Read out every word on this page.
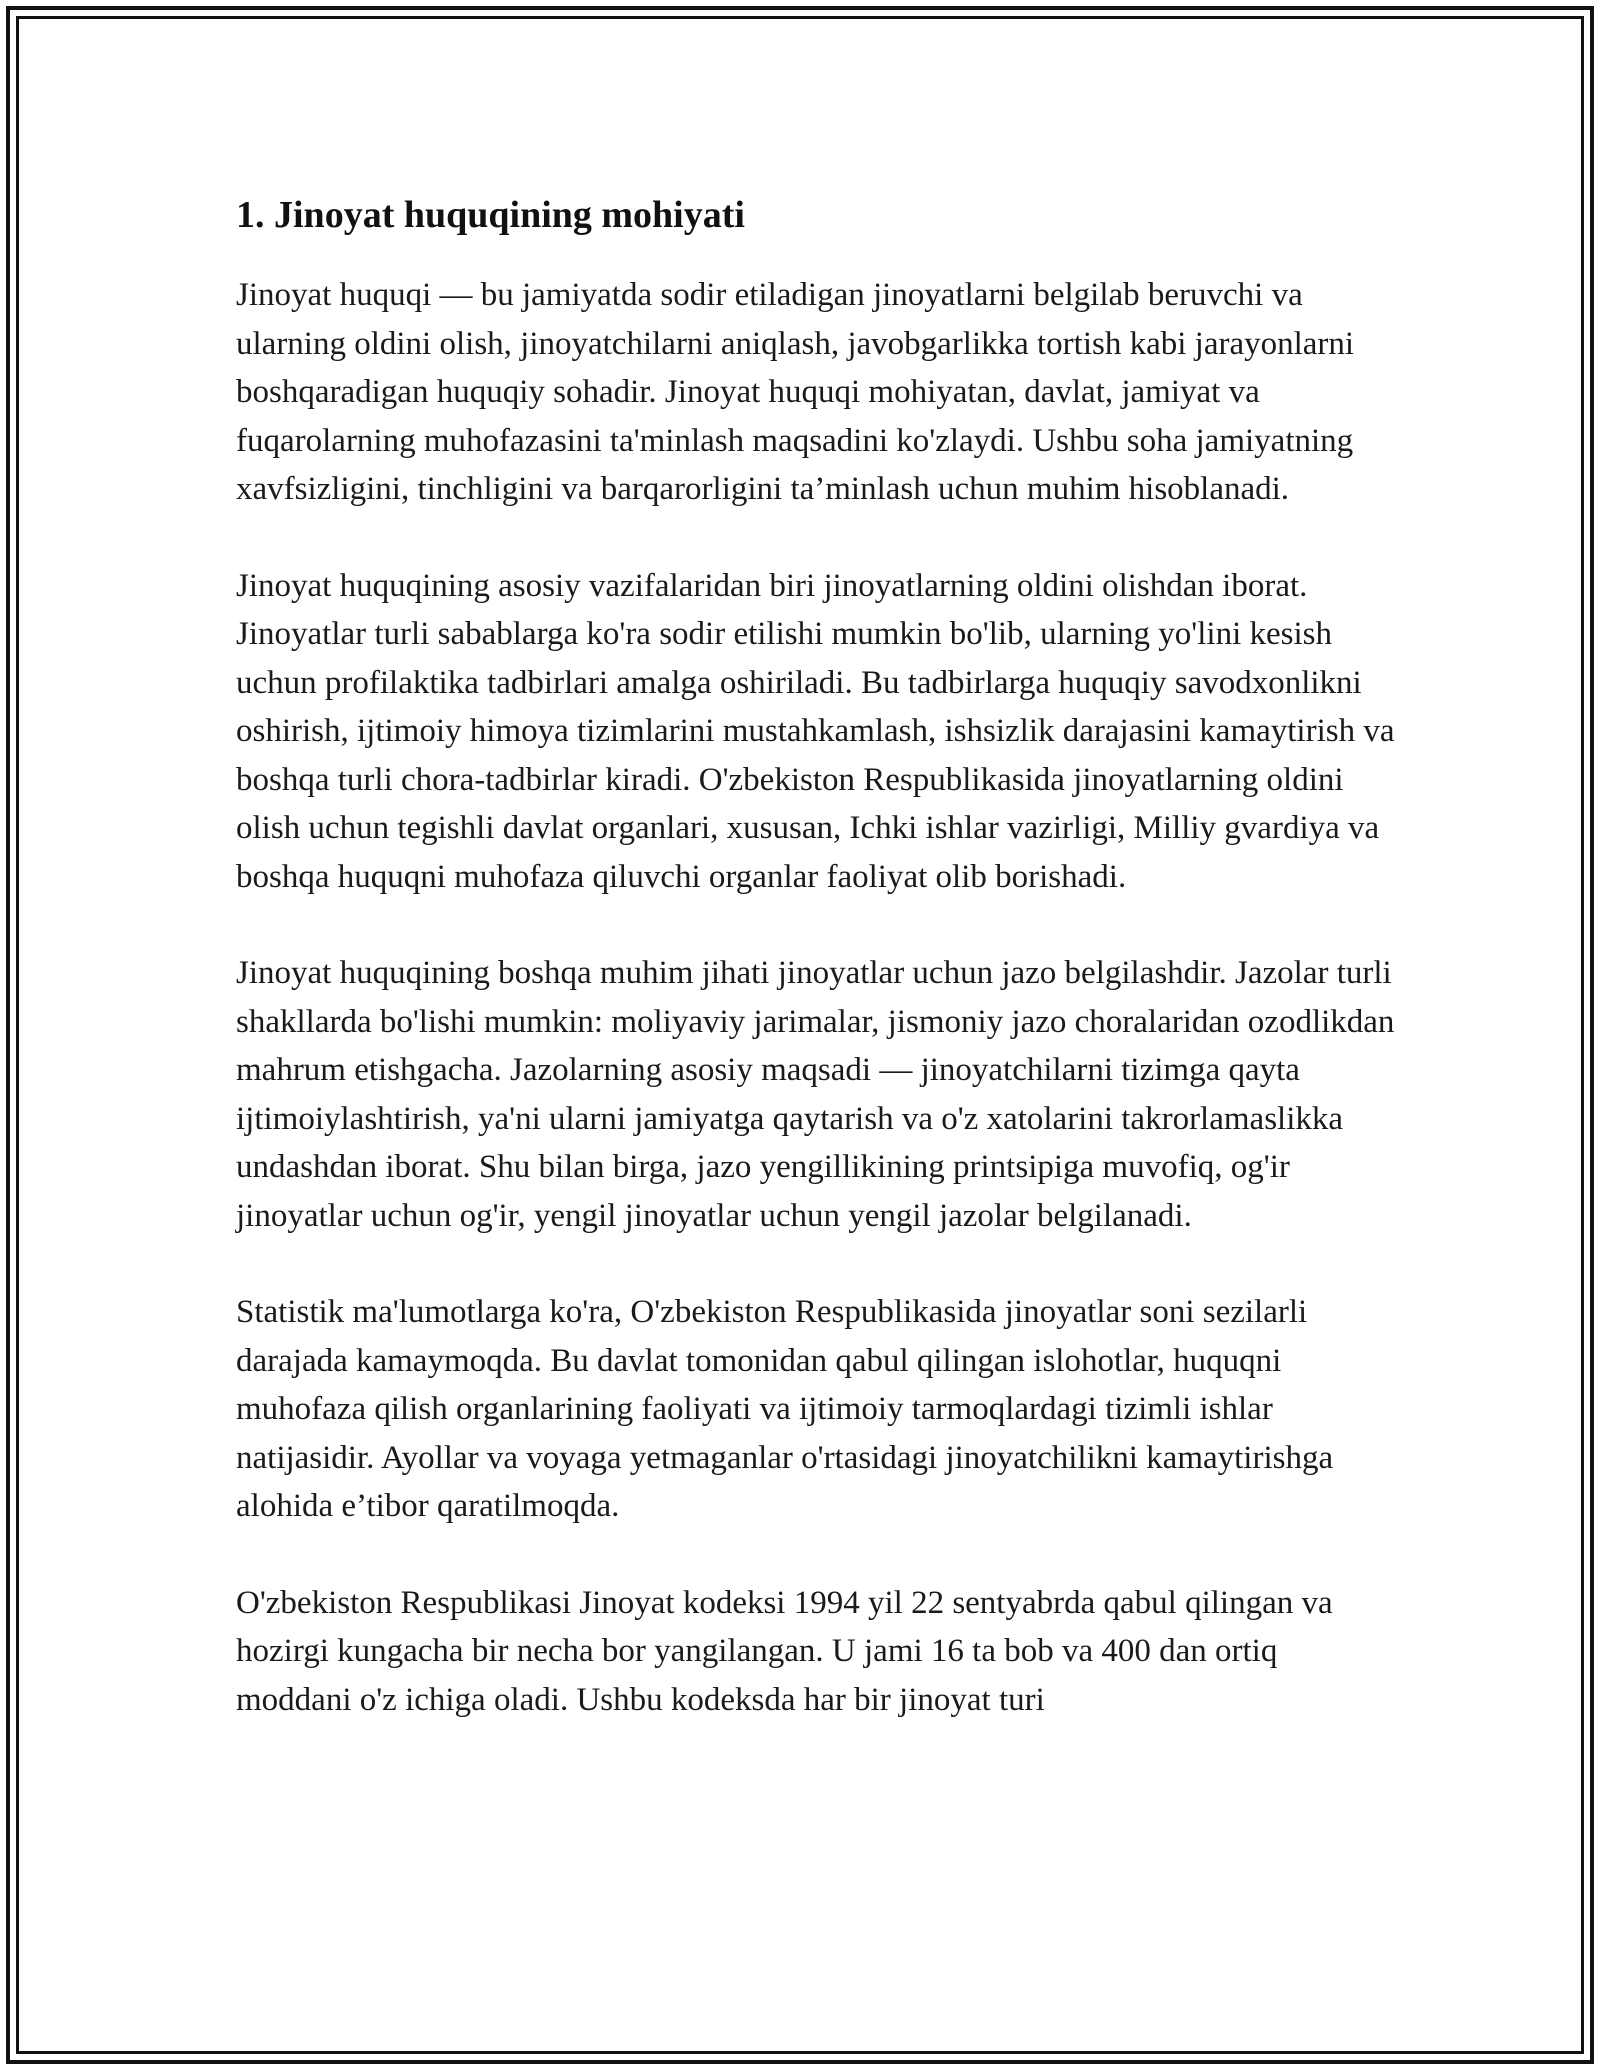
1. Jinoyat huquqining mohiyati

Jinoyat huquqi — bu jamiyatda sodir etiladigan jinoyatlarni belgilab beruvchi va ularning oldini olish, jinoyatchilarni aniqlash, javobgarlikka tortish kabi jarayonlarni boshqaradigan huquqiy sohadir. Jinoyat huquqi mohiyatan, davlat, jamiyat va fuqarolarning muhofazasini ta'minlash maqsadini ko'zlaydi. Ushbu soha jamiyatning xavfsizligini, tinchligini va barqarorligini ta’minlash uchun muhim hisoblanadi.

Jinoyat huquqining asosiy vazifalaridan biri jinoyatlarning oldini olishdan iborat. Jinoyatlar turli sabablarga ko'ra sodir etilishi mumkin bo'lib, ularning yo'lini kesish uchun profilaktika tadbirlari amalga oshiriladi. Bu tadbirlarga huquqiy savodxonlikni oshirish, ijtimoiy himoya tizimlarini mustahkamlash, ishsizlik darajasini kamaytirish va boshqa turli chora-tadbirlar kiradi. O'zbekiston Respublikasida jinoyatlarning oldini olish uchun tegishli davlat organlari, xususan, Ichki ishlar vazirligi, Milliy gvardiya va boshqa huquqni muhofaza qiluvchi organlar faoliyat olib borishadi.

Jinoyat huquqining boshqa muhim jihati jinoyatlar uchun jazo belgilashdir. Jazolar turli shakllarda bo'lishi mumkin: moliyaviy jarimalar, jismoniy jazo choralaridan ozodlikdan mahrum etishgacha. Jazolarning asosiy maqsadi — jinoyatchilarni tizimga qayta ijtimoiylashtirish, ya'ni ularni jamiyatga qaytarish va o'z xatolarini takrorlamaslikka undashdan iborat. Shu bilan birga, jazo yengillikining printsipiga muvofiq, og'ir jinoyatlar uchun og'ir, yengil jinoyatlar uchun yengil jazolar belgilanadi.

Statistik ma'lumotlarga ko'ra, O'zbekiston Respublikasida jinoyatlar soni sezilarli darajada kamaymoqda. Bu davlat tomonidan qabul qilingan islohotlar, huquqni muhofaza qilish organlarining faoliyati va ijtimoiy tarmoqlardagi tizimli ishlar natijasidir. Ayollar va voyaga yetmaganlar o'rtasidagi jinoyatchilikni kamaytirishga alohida e’tibor qaratilmoqda.

O'zbekiston Respublikasi Jinoyat kodeksi 1994 yil 22 sentyabrda qabul qilingan va hozirgi kungacha bir necha bor yangilangan. U jami 16 ta bob va 400 dan ortiq moddani o'z ichiga oladi. Ushbu kodeksda har bir jinoyat turi
